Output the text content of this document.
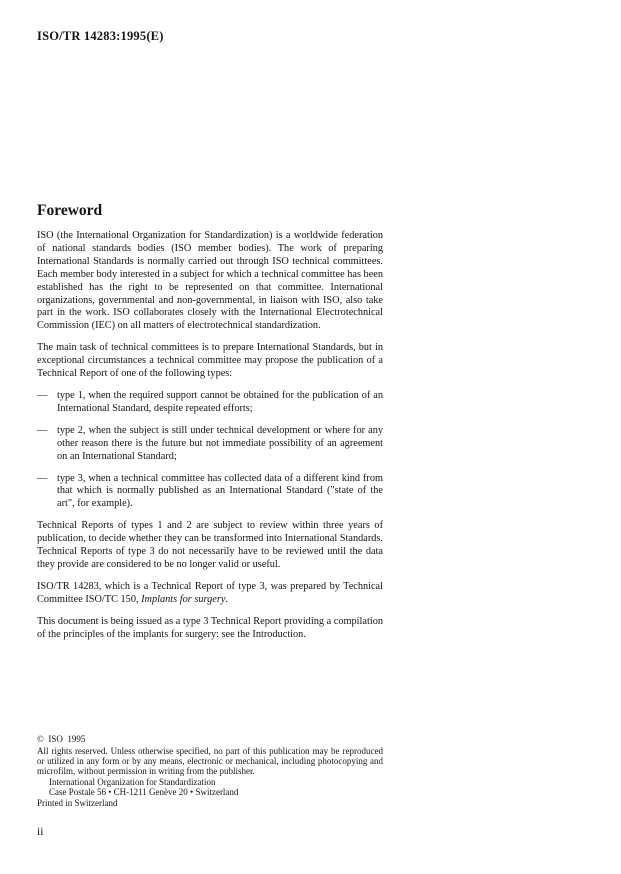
ISO/TR 14283:1995(E)
Foreword

ISO (the International Organization for Standardization) is a worldwide federation of national standards bodies (ISO member bodies). The work of preparing International Standards is normally carried out through ISO technical committees. Each member body interested in a subject for which a technical committee has been established has the right to be represented on that committee. International organizations, governmental and non-governmental, in liaison with ISO, also take part in the work. ISO collaborates closely with the International Electrotechnical Commission (IEC) on all matters of electrotechnical standardization.

The main task of technical committees is to prepare International Standards, but in exceptional circumstances a technical committee may propose the publication of a Technical Report of one of the following types:

— type 1, when the required support cannot be obtained for the publication of an International Standard, despite repeated efforts;
— type 2, when the subject is still under technical development or where for any other reason there is the future but not immediate possibility of an agreement on an International Standard;
— type 3, when a technical committee has collected data of a different kind from that which is normally published as an International Standard ("state of the art", for example).

Technical Reports of types 1 and 2 are subject to review within three years of publication, to decide whether they can be transformed into International Standards. Technical Reports of type 3 do not necessarily have to be reviewed until the data they provide are considered to be no longer valid or useful.

ISO/TR 14283, which is a Technical Report of type 3, was prepared by Technical Committee ISO/TC 150, Implants for surgery.

This document is being issued as a type 3 Technical Report providing a compilation of the principles of the implants for surgery: see the Introduction.

© ISO 1995
All rights reserved. Unless otherwise specified, no part of this publication may be reproduced or utilized in any form or by any means, electronic or mechanical, including photocopying and microfilm, without permission in writing from the publisher.
International Organization for Standardization
Case Postale 56 • CH-1211 Genève 20 • Switzerland
Printed in Switzerland
ii
